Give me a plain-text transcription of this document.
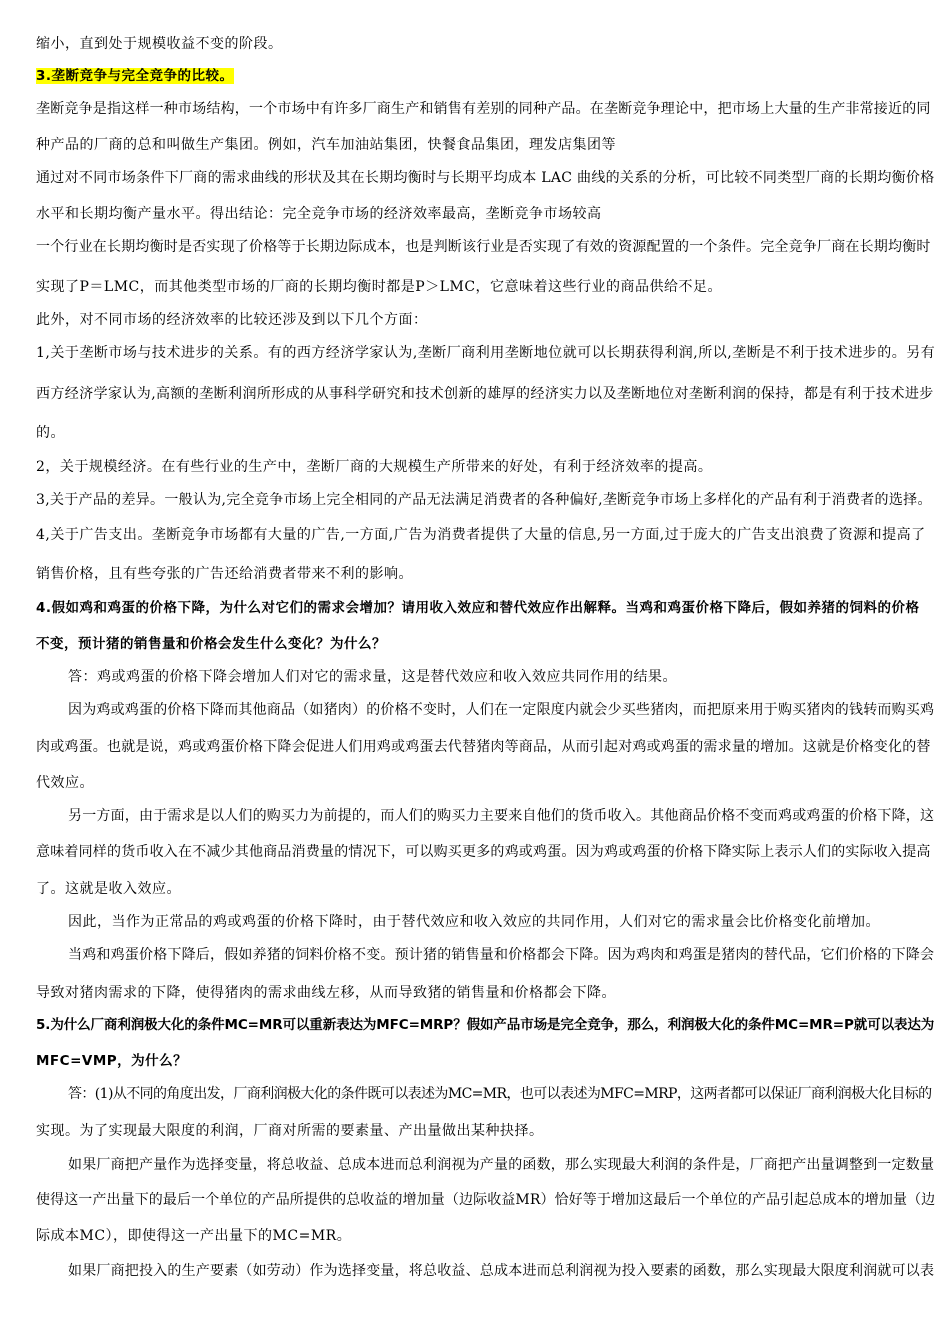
缩小，直到处于规模收益不变的阶段。
3.垄断竞争与完全竞争的比较。
垄断竞争是指这样一种市场结构，一个市场中有许多厂商生产和销售有差别的同种产品。在垄断竞争理论中，把市场上大量的生产非常接近的同
种产品的厂商的总和叫做生产集团。例如，汽车加油站集团，快餐食品集团，理发店集团等
通过对不同市场条件下厂商的需求曲线的形状及其在长期均衡时与长期平均成本 LAC 曲线的关系的分析，可比较不同类型厂商的长期均衡价格
水平和长期均衡产量水平。得出结论：完全竞争市场的经济效率最高，垄断竞争市场较高
一个行业在长期均衡时是否实现了价格等于长期边际成本，也是判断该行业是否实现了有效的资源配置的一个条件。完全竞争厂商在长期均衡时
实现了P＝LMC，而其他类型市场的厂商的长期均衡时都是P＞LMC，它意味着这些行业的商品供给不足。
此外，对不同市场的经济效率的比较还涉及到以下几个方面：
1,关于垄断市场与技术进步的关系。有的西方经济学家认为,垄断厂商利用垄断地位就可以长期获得利润,所以,垄断是不利于技术进步的。另有
西方经济学家认为,高额的垄断利润所形成的从事科学研究和技术创新的雄厚的经济实力以及垄断地位对垄断利润的保持，都是有利于技术进步
的。
2，关于规模经济。在有些行业的生产中，垄断厂商的大规模生产所带来的好处，有利于经济效率的提高。
3,关于产品的差异。一般认为,完全竞争市场上完全相同的产品无法满足消费者的各种偏好,垄断竞争市场上多样化的产品有利于消费者的选择。
4,关于广告支出。垄断竞争市场都有大量的广告,一方面,广告为消费者提供了大量的信息,另一方面,过于庞大的广告支出浪费了资源和提高了
销售价格，且有些夸张的广告还给消费者带来不利的影响。
4.假如鸡和鸡蛋的价格下降，为什么对它们的需求会增加？请用收入效应和替代效应作出解释。当鸡和鸡蛋价格下降后，假如养猪的饲料的价格
不变，预计猪的销售量和价格会发生什么变化？为什么？
答：鸡或鸡蛋的价格下降会增加人们对它的需求量，这是替代效应和收入效应共同作用的结果。
因为鸡或鸡蛋的价格下降而其他商品（如猪肉）的价格不变时，人们在一定限度内就会少买些猪肉，而把原来用于购买猪肉的钱转而购买鸡
肉或鸡蛋。也就是说，鸡或鸡蛋价格下降会促进人们用鸡或鸡蛋去代替猪肉等商品，从而引起对鸡或鸡蛋的需求量的增加。这就是价格变化的替
代效应。
另一方面，由于需求是以人们的购买力为前提的，而人们的购买力主要来自他们的货币收入。其他商品价格不变而鸡或鸡蛋的价格下降，这
意味着同样的货币收入在不减少其他商品消费量的情况下，可以购买更多的鸡或鸡蛋。因为鸡或鸡蛋的价格下降实际上表示人们的实际收入提高
了。这就是收入效应。
因此，当作为正常品的鸡或鸡蛋的价格下降时，由于替代效应和收入效应的共同作用，人们对它的需求量会比价格变化前增加。
当鸡和鸡蛋价格下降后，假如养猪的饲料价格不变。预计猪的销售量和价格都会下降。因为鸡肉和鸡蛋是猪肉的替代品，它们价格的下降会
导致对猪肉需求的下降，使得猪肉的需求曲线左移，从而导致猪的销售量和价格都会下降。
5.为什么厂商利润极大化的条件MC=MR可以重新表达为MFC=MRP？假如产品市场是完全竞争，那么，利润极大化的条件MC=MR=P就可以表达为
MFC=VMP，为什么？
答：(1)从不同的角度出发，厂商利润极大化的条件既可以表述为MC=MR，也可以表述为MFC=MRP，这两者都可以保证厂商利润极大化目标的
实现。为了实现最大限度的利润，厂商对所需的要素量、产出量做出某种抉择。
如果厂商把产量作为选择变量，将总收益、总成本进而总利润视为产量的函数，那么实现最大利润的条件是，厂商把产出量调整到一定数量
使得这一产出量下的最后一个单位的产品所提供的总收益的增加量（边际收益MR）恰好等于增加这最后一个单位的产品引起总成本的增加量（边
际成本MC），即使得这一产出量下的MC=MR。
如果厂商把投入的生产要素（如劳动）作为选择变量，将总收益、总成本进而总利润视为投入要素的函数，那么实现最大限度利润就可以表
